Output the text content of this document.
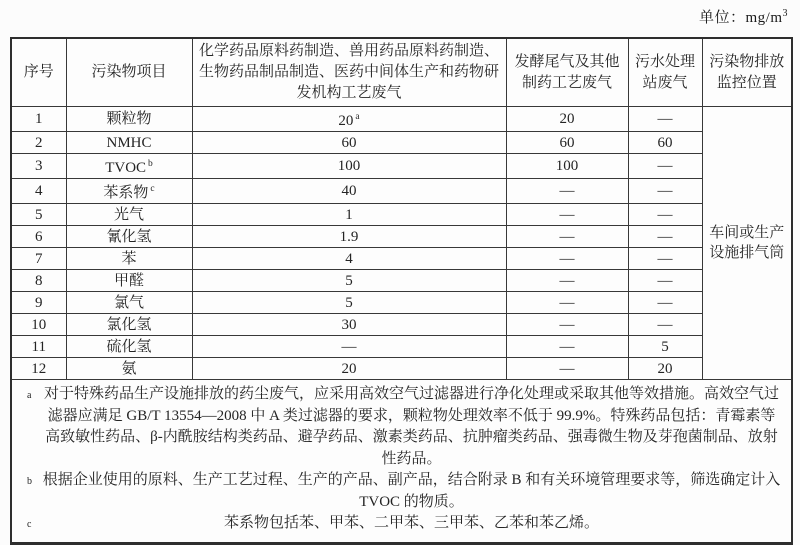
单位：$mg/m^3$
序号	污染物项目	化学药品原料药制造、兽用药品原料药制造、生物药品制品制造、医药中间体生产和药物研发机构工艺废气	发酵尾气及其他制药工艺废气	污水处理站废气	污染物排放监控位置
1	颗粒物	20 $^a$	20	—	车间或生产设施排气筒
2	NMHC	60	60	60	
3	TVOC $^b$	100	100	—	
4	苯系物 $^c$	40	—	—	
5	光气	1	—	—	
6	氰化氢	1.9	—	—	
7	苯	4	—	—	
8	甲醛	5	—	—	
9	氯气	5	—	—	
10	氯化氢	30	—	—	
11	硫化氢	—	—	5	
12	氨	20	—	20	

a 对于特殊药品生产设施排放的药尘废气，应采用高效空气过滤器进行净化处理或采取其他等效措施。高效空气过滤器应满足 GB/T 13554—2008 中 A 类过滤器的要求，颗粒物处理效率不低于 99.9%。特殊药品包括：青霉素等高致敏性药品、β-内酰胺结构类药品、避孕药品、激素类药品、抗肿瘤类药品、强毒微生物及芽孢菌制品、放射性药品。
b 根据企业使用的原料、生产工艺过程、生产的产品、副产品，结合附录 B 和有关环境管理要求等，筛选确定计入 TVOC 的物质。
c	苯系物包括苯、甲苯、二甲苯、三甲苯、乙苯和苯乙烯。
